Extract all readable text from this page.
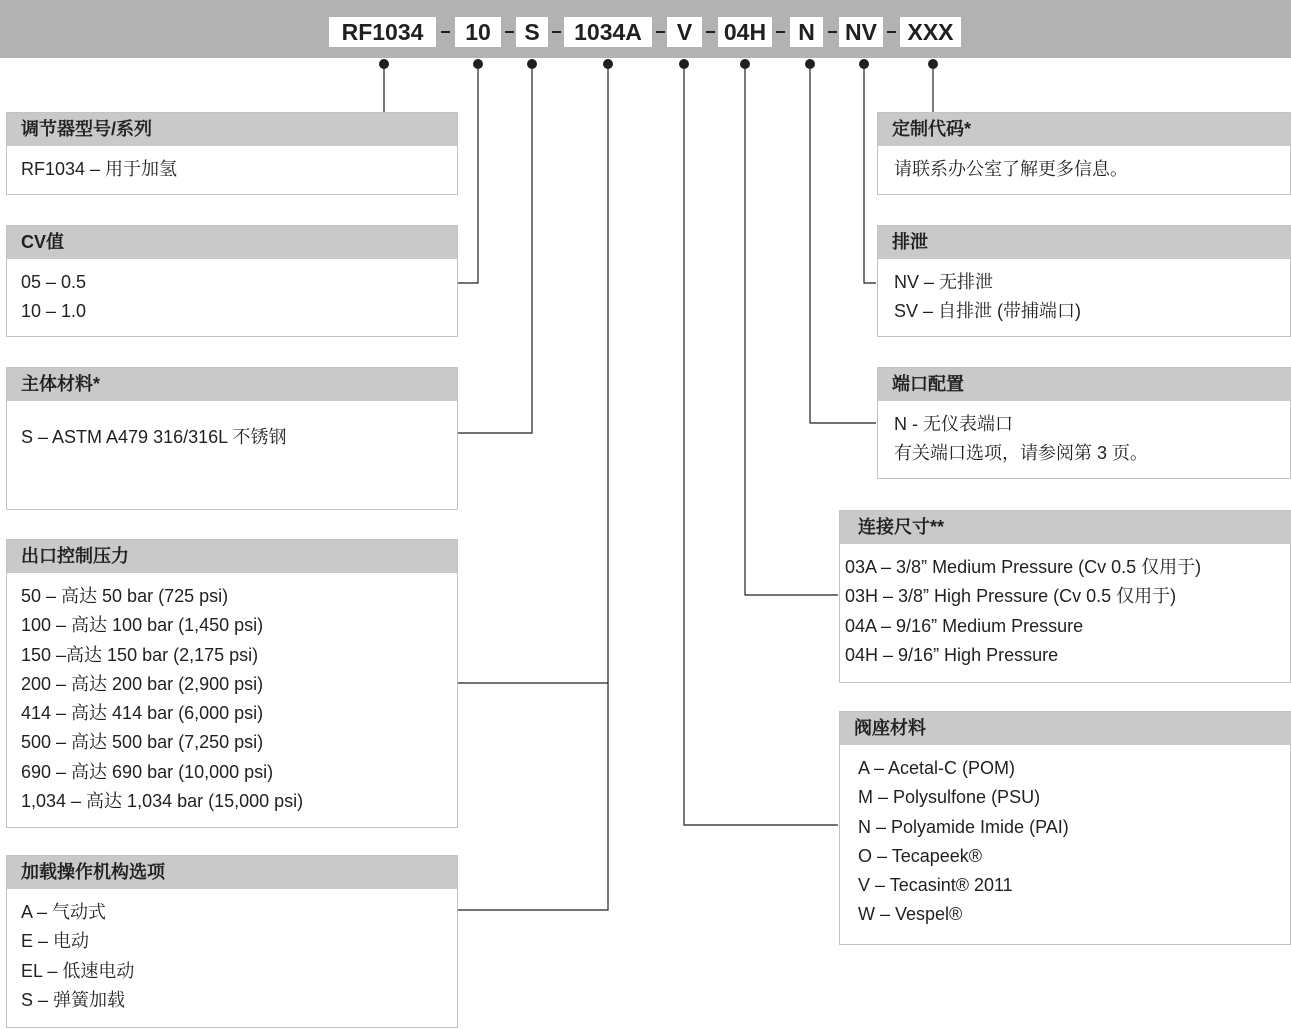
RF1034	10	S	1034A	V	04H	N	NV	XXX
调节器型号/系列
RF1034 – 用于加氢
CV值
05 – 0.5
10 – 1.0
主体材料*
S – ASTM A479 316/316L 不锈钢
出口控制压力
50 – 高达 50 bar (725 psi)
100 – 高达 100 bar (1,450 psi)
150 –高达 150 bar (2,175 psi)
200 – 高达 200 bar (2,900 psi)
414 – 高达 414 bar (6,000 psi)
500 – 高达 500 bar (7,250 psi)
690 – 高达 690 bar (10,000 psi)
1,034 – 高达 1,034 bar (15,000 psi)
加载操作机构选项
A – 气动式
E – 电动
EL – 低速电动
S – 弹簧加载
定制代码*
请联系办公室了解更多信息。
排泄
NV – 无排泄
SV – 自排泄 (带捕端口)
端口配置
N - 无仪表端口
有关端口选项，请参阅第 3 页。
连接尺寸**
03A – 3/8” Medium Pressure (Cv 0.5 仅用于)
03H – 3/8” High Pressure (Cv 0.5 仅用于)
04A – 9/16” Medium Pressure
04H – 9/16” High Pressure
阀座材料
A – Acetal-C (POM)
M – Polysulfone (PSU)
N – Polyamide Imide (PAI)
O – Tecapeek®
V – Tecasint® 2011
W – Vespel®
